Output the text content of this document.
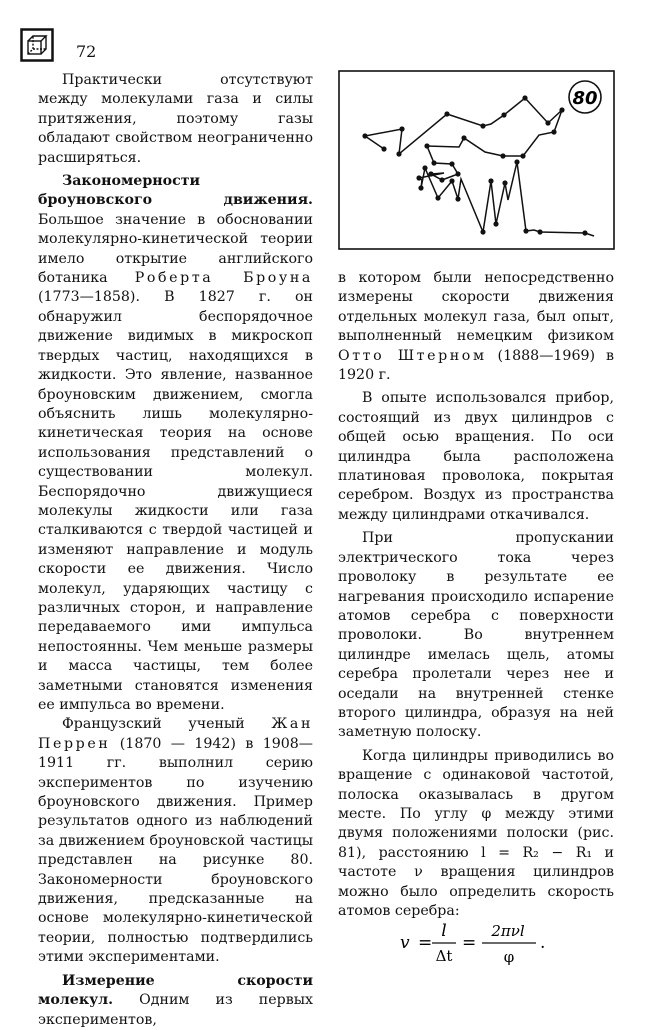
72

Практически отсутствуют между молекулами газа и силы притяжения, поэтому газы обладают свойством неограниченно расширяться.

Закономерности броуновского движения. Большое значение в обосновании молекулярно-кинетической теории имело открытие английского ботаника Роберта Броуна (1773—1858). В 1827 г. он обнаружил беспорядочное движение видимых в микроскоп твердых частиц, находящихся в жидкости. Это явление, названное броуновским движением, смогла объяснить лишь молекулярно-кинетическая теория на основе использования представлений о существовании молекул. Беспорядочно движущиеся молекулы жидкости или газа сталкиваются с твердой частицей и изменяют направление и модуль скорости ее движения. Число молекул, ударяющих частицу с различных сторон, и направление передаваемого ими импульса непостоянны. Чем меньше размеры и масса частицы, тем более заметными становятся изменения ее импульса во времени.

Французский ученый Жан Перрен (1870 — 1942) в 1908—1911 гг. выполнил серию экспериментов по изучению броуновского движения. Пример результатов одного из наблюдений за движением броуновской частицы представлен на рисунке 80. Закономерности броуновского движения, предсказанные на основе молекулярно-кинетической теории, полностью подтвердились этими экспериментами.

Измерение скорости молекул. Одним из первых экспериментов,

80

в котором были непосредственно измерены скорости движения отдельных молекул газа, был опыт, выполненный немецким физиком Отто Штерном (1888—1969) в 1920 г.

В опыте использовался прибор, состоящий из двух цилиндров с общей осью вращения. По оси цилиндра была расположена платиновая проволока, покрытая серебром. Воздух из пространства между цилиндрами откачивался.

При пропускании электрического тока через проволоку в результате ее нагревания происходило испарение атомов серебра с поверхности проволоки. Во внутреннем цилиндре имелась щель, атомы серебра пролетали через нее и оседали на внутренней стенке второго цилиндра, образуя на ней заметную полоску.

Когда цилиндры приводились во вращение с одинаковой частотой, полоска оказывалась в другом месте. По углу φ между этими двумя положениями полоски (рис. 81), расстоянию l = R₂ − R₁ и частоте ν вращения цилиндров можно было определить скорость атомов серебра:

v =
l
Δt
=
2πνl
φ
.
